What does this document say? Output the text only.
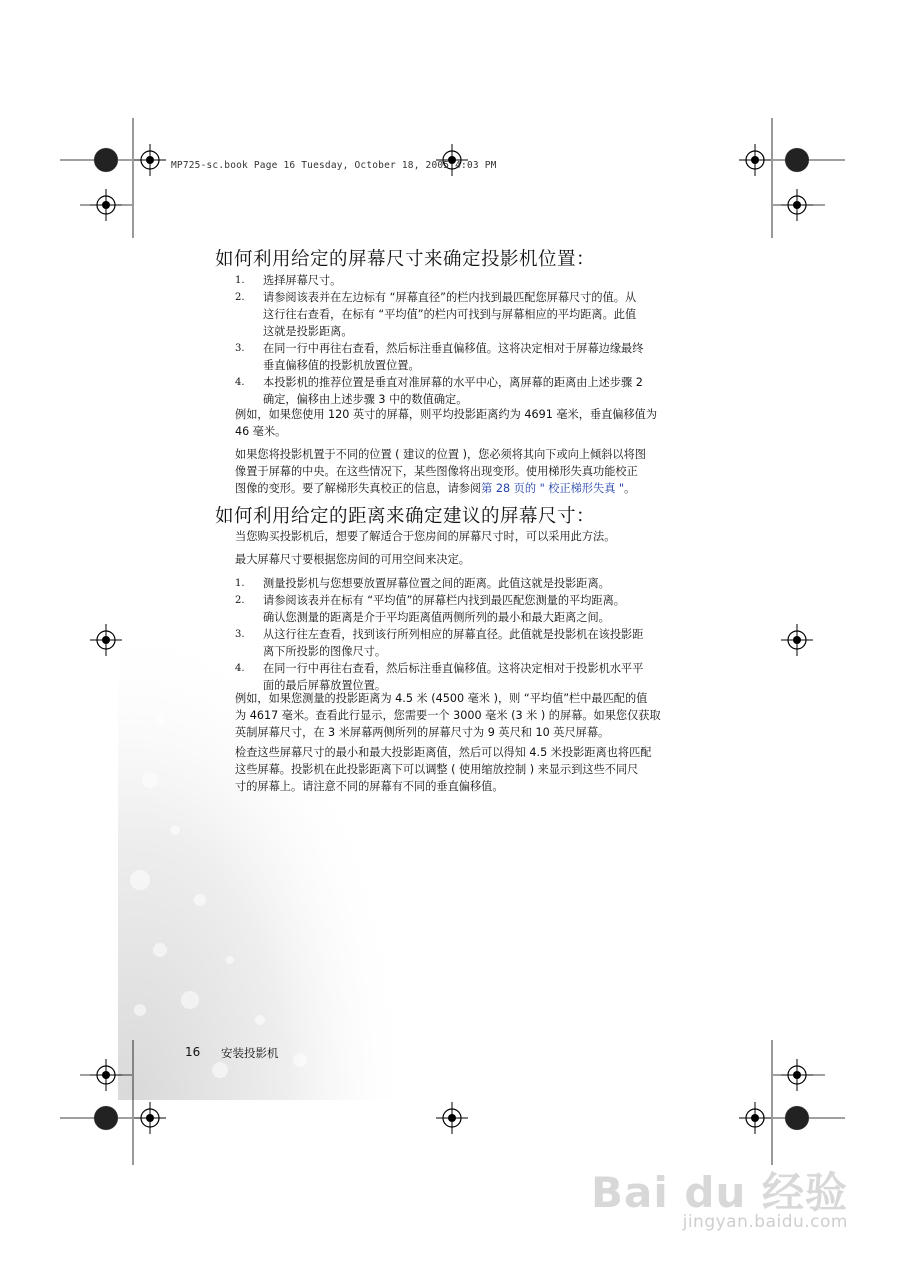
MP725-sc.book Page 16 Tuesday, October 18, 2005 4:03 PM
如何利用给定的屏幕尺寸来确定投影机位置：
1. 选择屏幕尺寸。
2. 请参阅该表并在左边标有 “屏幕直径”的栏内找到最匹配您屏幕尺寸的值。从
这行往右查看，在标有 “平均值”的栏内可找到与屏幕相应的平均距离。此值
这就是投影距离。
3. 在同一行中再往右查看，然后标注垂直偏移值。这将决定相对于屏幕边缘最终
垂直偏移值的投影机放置位置。
4. 本投影机的推荐位置是垂直对准屏幕的水平中心，离屏幕的距离由上述步骤 2
确定，偏移由上述步骤 3 中的数值确定。

例如，如果您使用 120 英寸的屏幕，则平均投影距离约为 4691 毫米，垂直偏移值为

46 毫米。

如果您将投影机置于不同的位置 ( 建议的位置 )，您必须将其向下或向上倾斜以将图

像置于屏幕的中央。在这些情况下，某些图像将出现变形。使用梯形失真功能校正

图像的变形。要了解梯形失真校正的信息，请参阅第 28 页的 " 校正梯形失真 "。

如何利用给定的距离来确定建议的屏幕尺寸：

当您购买投影机后，想要了解适合于您房间的屏幕尺寸时，可以采用此方法。

最大屏幕尺寸要根据您房间的可用空间来决定。

1. 测量投影机与您想要放置屏幕位置之间的距离。此值这就是投影距离。
2. 请参阅该表并在标有 “平均值”的屏幕栏内找到最匹配您测量的平均距离。
确认您测量的距离是介于平均距离值两侧所列的最小和最大距离之间。
3. 从这行往左查看，找到该行所列相应的屏幕直径。此值就是投影机在该投影距
离下所投影的图像尺寸。
4. 在同一行中再往右查看，然后标注垂直偏移值。这将决定相对于投影机水平平
面的最后屏幕放置位置。

例如，如果您测量的投影距离为 4.5 米 (4500 毫米 )，则 “平均值”栏中最匹配的值

为 4617 毫米。查看此行显示，您需要一个 3000 毫米 (3 米 ) 的屏幕。如果您仅获取

英制屏幕尺寸，在 3 米屏幕两侧所列的屏幕尺寸为 9 英尺和 10 英尺屏幕。

检查这些屏幕尺寸的最小和最大投影距离值，然后可以得知 4.5 米投影距离也将匹配

这些屏幕。投影机在此投影距离下可以调整 ( 使用缩放控制 ) 来显示到这些不同尺

寸的屏幕上。请注意不同的屏幕有不同的垂直偏移值。

16 安装投影机
Bai du 经验
jingyan.baidu.com
